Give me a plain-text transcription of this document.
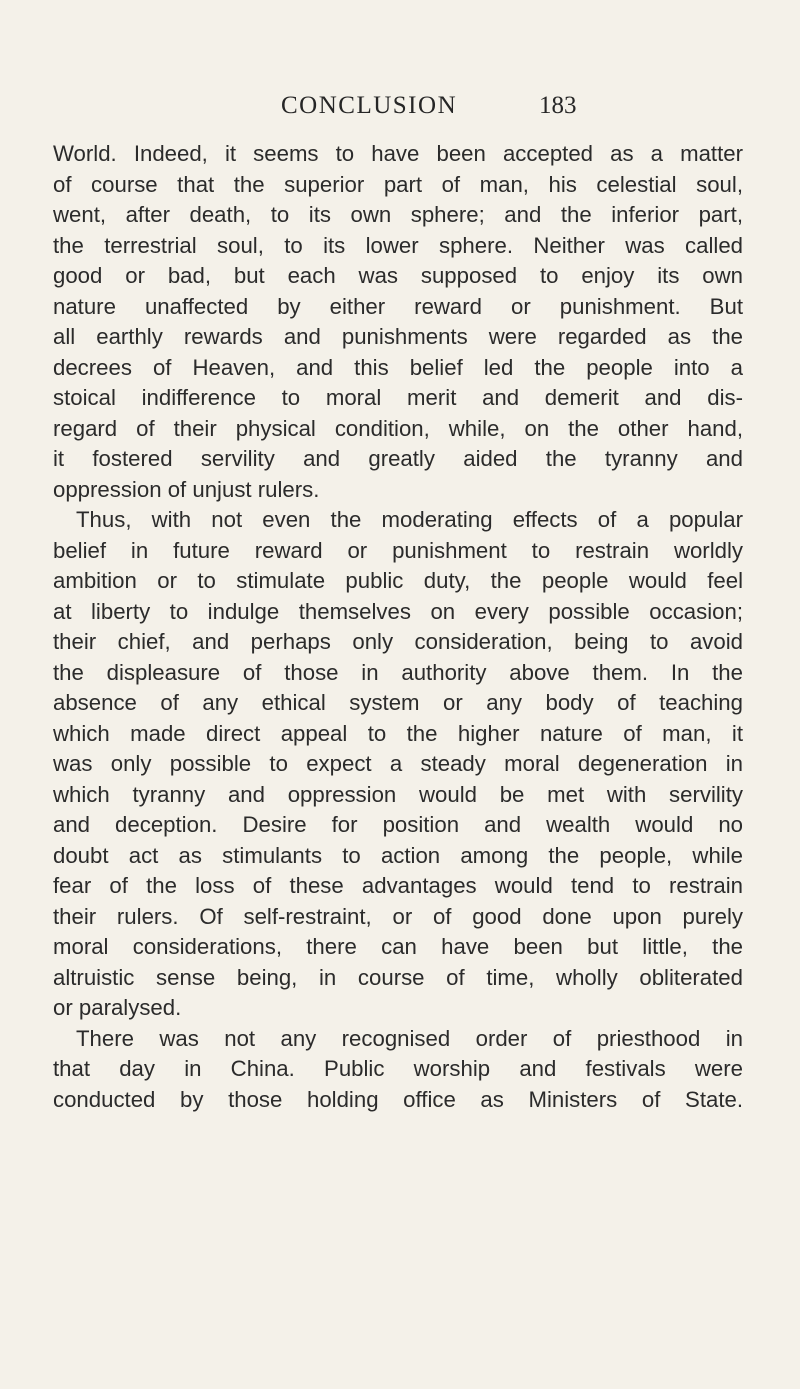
CONCLUSION	183
World. Indeed, it seems to have been accepted as a matter
of course that the superior part of man, his celestial soul,
went, after death, to its own sphere; and the inferior part,
the terrestrial soul, to its lower sphere. Neither was called
good or bad, but each was supposed to enjoy its own
nature unaffected by either reward or punishment. But
all earthly rewards and punishments were regarded as the
decrees of Heaven, and this belief led the people into a
stoical indifference to moral merit and demerit and dis-
regard of their physical condition, while, on the other hand,
it fostered servility and greatly aided the tyranny and
oppression of unjust rulers.
Thus, with not even the moderating effects of a popular
belief in future reward or punishment to restrain worldly
ambition or to stimulate public duty, the people would feel
at liberty to indulge themselves on every possible occasion;
their chief, and perhaps only consideration, being to avoid
the displeasure of those in authority above them. In the
absence of any ethical system or any body of teaching
which made direct appeal to the higher nature of man, it
was only possible to expect a steady moral degeneration in
which tyranny and oppression would be met with servility
and deception. Desire for position and wealth would no
doubt act as stimulants to action among the people, while
fear of the loss of these advantages would tend to restrain
their rulers. Of self-restraint, or of good done upon purely
moral considerations, there can have been but little, the
altruistic sense being, in course of time, wholly obliterated
or paralysed.
There was not any recognised order of priesthood in
that day in China. Public worship and festivals were
conducted by those holding office as Ministers of State.
